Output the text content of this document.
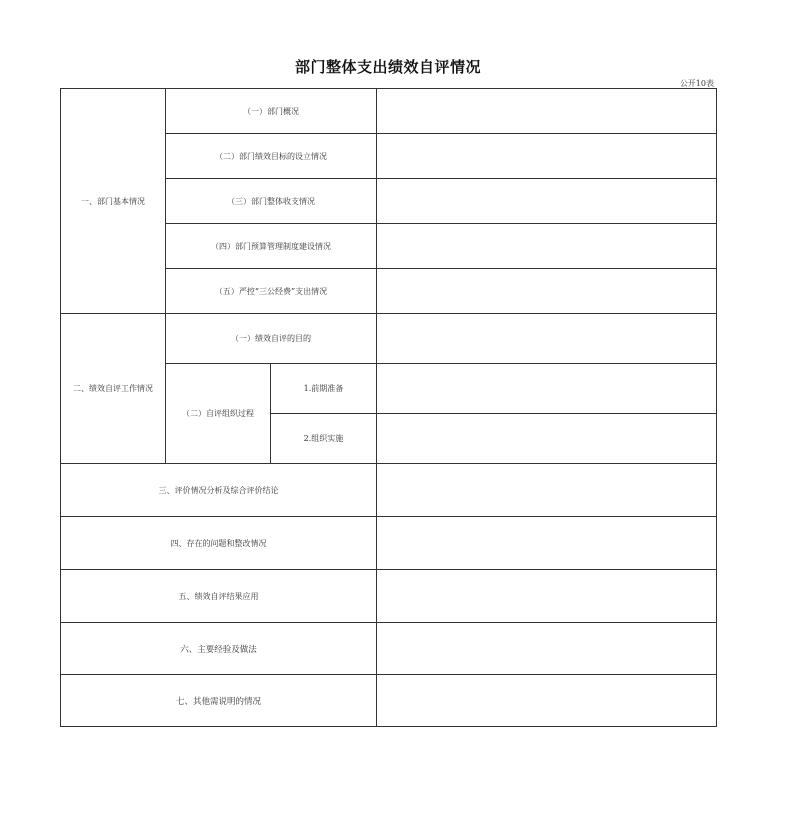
部门整体支出绩效自评情况
公开10表
一、部门基本情况	（一）部门概况		
	（二）部门绩效目标的设立情况		
	（三）部门整体收支情况		
	（四）部门预算管理制度建设情况		
	（五）严控“三公经费”支出情况		
二、绩效自评工作情况	（一）绩效自评的目的		
	（二）自评组织过程	1.前期准备	
		2.组织实施	
三、评价情况分析及综合评价结论			
四、存在的问题和整改情况			
五、绩效自评结果应用			
六、主要经验及做法			
七、其他需说明的情况			
